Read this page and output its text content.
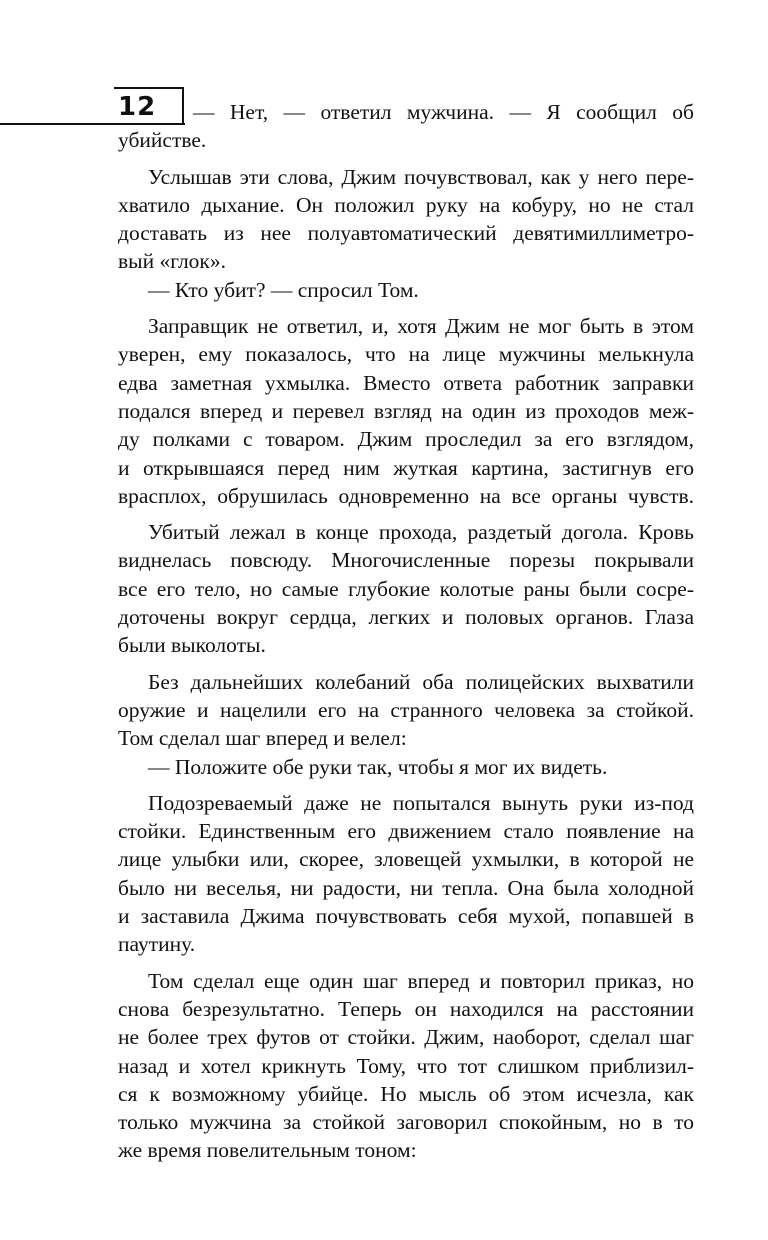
12	— Нет, — ответил мужчина. — Я сообщил об

убийстве.

Услышав эти слова, Джим почувствовал, как у него пере-

хватило дыхание. Он положил руку на кобуру, но не стал

доставать из нее полуавтоматический девятимиллиметро-

вый «глок».

— Кто убит? — спросил Том.

Заправщик не ответил, и, хотя Джим не мог быть в этом

уверен, ему показалось, что на лице мужчины мелькнула

едва заметная ухмылка. Вместо ответа работник заправки

подался вперед и перевел взгляд на один из проходов меж-

ду полками с товаром. Джим проследил за его взглядом,

и открывшаяся перед ним жуткая картина, застигнув его

врасплох, обрушилась одновременно на все органы чувств.

Убитый лежал в конце прохода, раздетый догола. Кровь

виднелась повсюду. Многочисленные порезы покрывали

все его тело, но самые глубокие колотые раны были сосре-

доточены вокруг сердца, легких и половых органов. Глаза

были выколоты.

Без дальнейших колебаний оба полицейских выхватили

оружие и нацелили его на странного человека за стойкой.

Том сделал шаг вперед и велел:

— Положите обе руки так, чтобы я мог их видеть.

Подозреваемый даже не попытался вынуть руки из-под

стойки. Единственным его движением стало появление на

лице улыбки или, скорее, зловещей ухмылки, в которой не

было ни веселья, ни радости, ни тепла. Она была холодной

и заставила Джима почувствовать себя мухой, попавшей в

паутину.

Том сделал еще один шаг вперед и повторил приказ, но

снова безрезультатно. Теперь он находился на расстоянии

не более трех футов от стойки. Джим, наоборот, сделал шаг

назад и хотел крикнуть Тому, что тот слишком приблизил-

ся к возможному убийце. Но мысль об этом исчезла, как

только мужчина за стойкой заговорил спокойным, но в то

же время повелительным тоном:
